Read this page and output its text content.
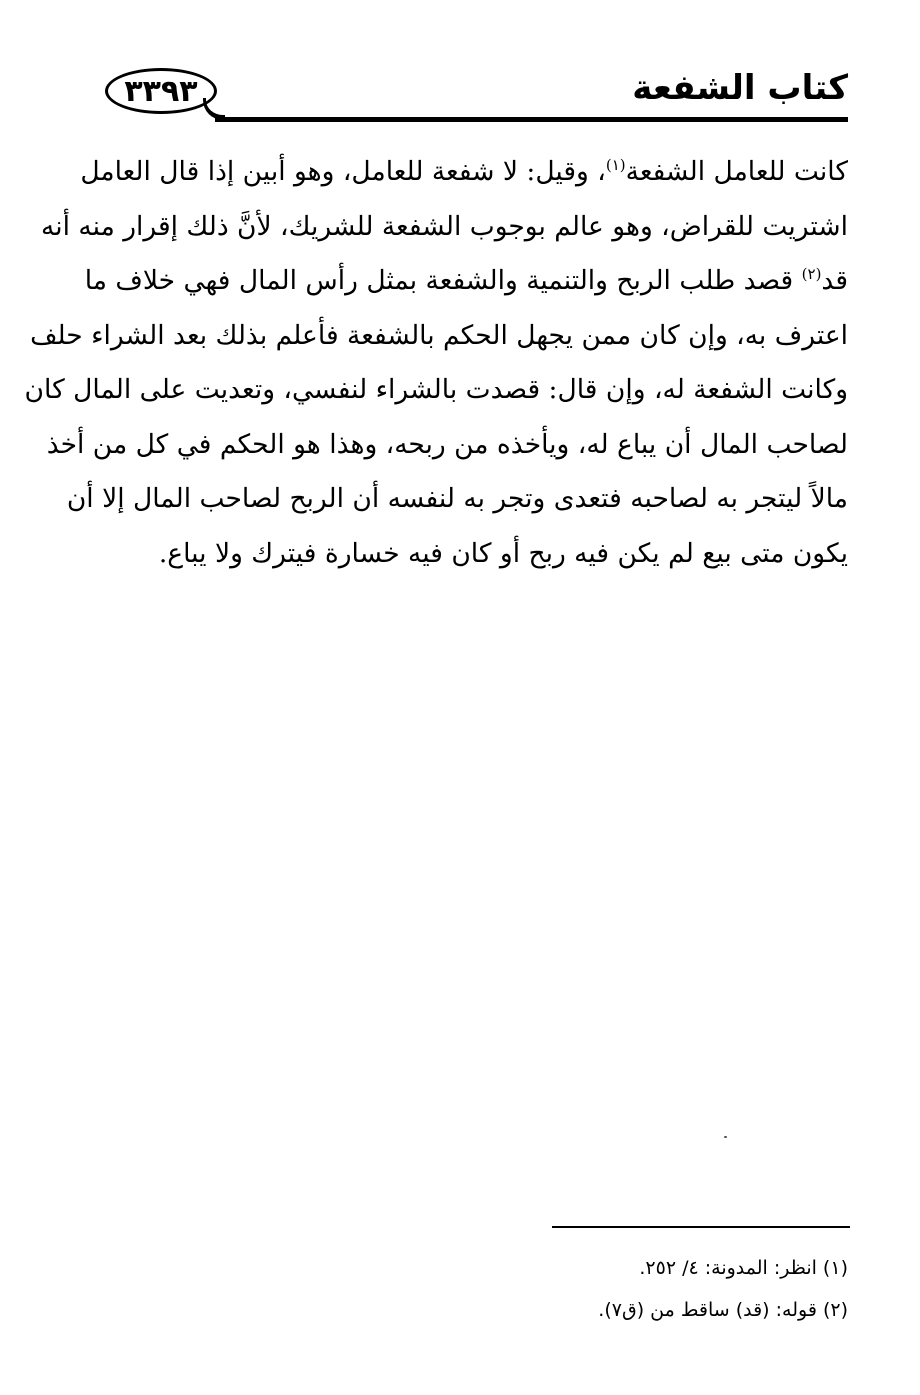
٣٣٩٣	كتاب الشفعة
كانت للعامل الشفعة$^{(١)}$، وقيل: لا شفعة للعامل، وهو أبين إذا قال العامل
اشتريت للقراض، وهو عالم بوجوب الشفعة للشريك، لأنَّ ذلك إقرار منه أنه
قد$^{(٢)}$ قصد طلب الربح والتنمية والشفعة بمثل رأس المال فهي خلاف ما
اعترف به، وإن كان ممن يجهل الحكم بالشفعة فأعلم بذلك بعد الشراء حلف
وكانت الشفعة له، وإن قال: قصدت بالشراء لنفسي، وتعديت على المال كان
لصاحب المال أن يباع له، ويأخذه من ربحه، وهذا هو الحكم في كل من أخذ
مالاً ليتجر به لصاحبه فتعدى وتجر به لنفسه أن الربح لصاحب المال إلا أن
يكون متى بيع لم يكن فيه ربح أو كان فيه خسارة فيترك ولا يباع.
(١) انظر: المدونة: ٤/ ٢٥٢.
(٢) قوله: (قد) ساقط من (ق٧).
